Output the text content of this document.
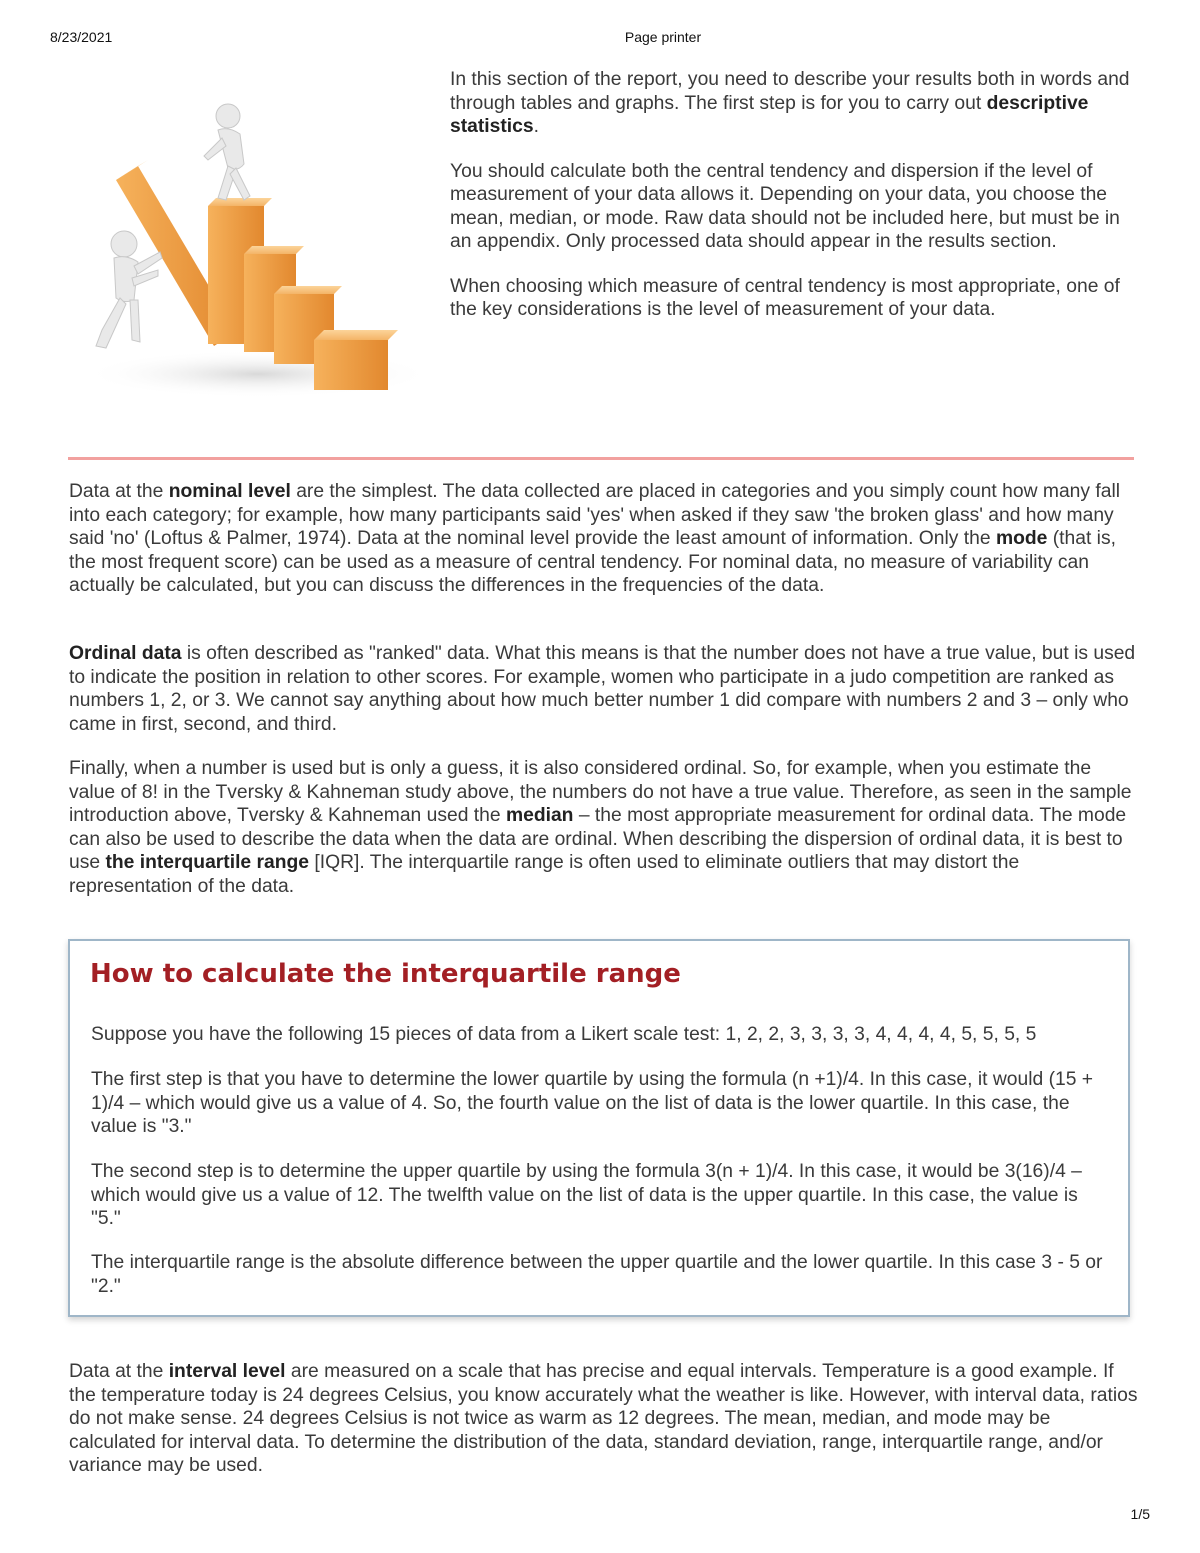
8/23/2021	Page printer

In this section of the report, you need to describe your results both in words and through tables and graphs. The first step is for you to carry out descriptive statistics.

You should calculate both the central tendency and dispersion if the level of measurement of your data allows it. Depending on your data, you choose the mean, median, or mode. Raw data should not be included here, but must be in an appendix. Only processed data should appear in the results section.

When choosing which measure of central tendency is most appropriate, one of the key considerations is the level of measurement of your data.

Data at the nominal level are the simplest. The data collected are placed in categories and you simply count how many fall into each category; for example, how many participants said 'yes' when asked if they saw 'the broken glass' and how many said 'no' (Loftus & Palmer, 1974). Data at the nominal level provide the least amount of information. Only the mode (that is, the most frequent score) can be used as a measure of central tendency. For nominal data, no measure of variability can actually be calculated, but you can discuss the differences in the frequencies of the data.

Ordinal data is often described as "ranked" data. What this means is that the number does not have a true value, but is used to indicate the position in relation to other scores. For example, women who participate in a judo competition are ranked as numbers 1, 2, or 3. We cannot say anything about how much better number 1 did compare with numbers 2 and 3 – only who came in first, second, and third.

Finally, when a number is used but is only a guess, it is also considered ordinal. So, for example, when you estimate the value of 8! in the Tversky & Kahneman study above, the numbers do not have a true value. Therefore, as seen in the sample introduction above, Tversky & Kahneman used the median – the most appropriate measurement for ordinal data. The mode can also be used to describe the data when the data are ordinal. When describing the dispersion of ordinal data, it is best to use the interquartile range [IQR]. The interquartile range is often used to eliminate outliers that may distort the representation of the data.

How to calculate the interquartile range

Suppose you have the following 15 pieces of data from a Likert scale test: 1, 2, 2, 3, 3, 3, 3, 4, 4, 4, 4, 5, 5, 5, 5

The first step is that you have to determine the lower quartile by using the formula (n +1)/4. In this case, it would (15 + 1)/4 – which would give us a value of 4. So, the fourth value on the list of data is the lower quartile. In this case, the value is "3."

The second step is to determine the upper quartile by using the formula 3(n + 1)/4. In this case, it would be 3(16)/4 – which would give us a value of 12. The twelfth value on the list of data is the upper quartile. In this case, the value is "5."

The interquartile range is the absolute difference between the upper quartile and the lower quartile. In this case 3 - 5 or "2."

Data at the interval level are measured on a scale that has precise and equal intervals. Temperature is a good example. If the temperature today is 24 degrees Celsius, you know accurately what the weather is like. However, with interval data, ratios do not make sense. 24 degrees Celsius is not twice as warm as 12 degrees. The mean, median, and mode may be calculated for interval data. To determine the distribution of the data, standard deviation, range, interquartile range, and/or variance may be used.

1/5
